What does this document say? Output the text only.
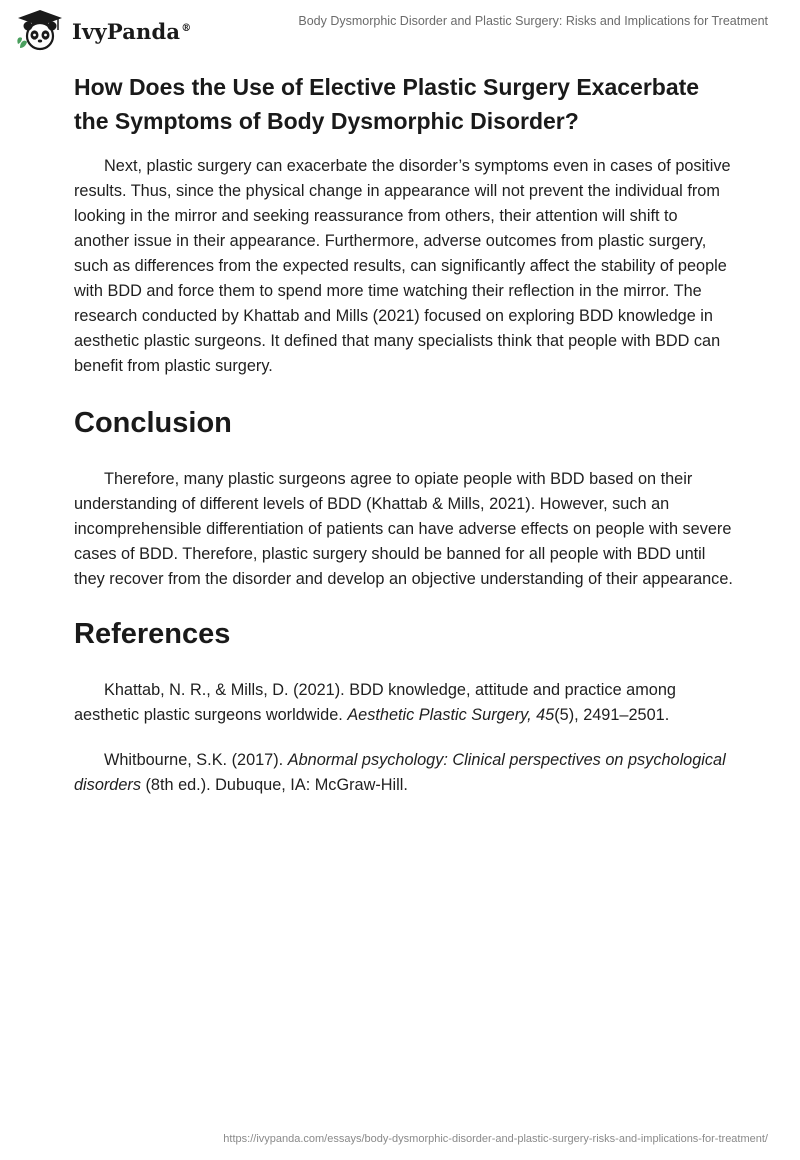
IvyPanda®	Body Dysmorphic Disorder and Plastic Surgery: Risks and Implications for Treatment
How Does the Use of Elective Plastic Surgery Exacerbate the Symptoms of Body Dysmorphic Disorder?

Next, plastic surgery can exacerbate the disorder’s symptoms even in cases of positive results. Thus, since the physical change in appearance will not prevent the individual from looking in the mirror and seeking reassurance from others, their attention will shift to another issue in their appearance. Furthermore, adverse outcomes from plastic surgery, such as differences from the expected results, can significantly affect the stability of people with BDD and force them to spend more time watching their reflection in the mirror. The research conducted by Khattab and Mills (2021) focused on exploring BDD knowledge in aesthetic plastic surgeons. It defined that many specialists think that people with BDD can benefit from plastic surgery.

Conclusion

Therefore, many plastic surgeons agree to opiate people with BDD based on their understanding of different levels of BDD (Khattab & Mills, 2021). However, such an incomprehensible differentiation of patients can have adverse effects on people with severe cases of BDD. Therefore, plastic surgery should be banned for all people with BDD until they recover from the disorder and develop an objective understanding of their appearance.

References

Khattab, N. R., & Mills, D. (2021). BDD knowledge, attitude and practice among aesthetic plastic surgeons worldwide. Aesthetic Plastic Surgery, 45(5), 2491–2501.

Whitbourne, S.K. (2017). Abnormal psychology: Clinical perspectives on psychological disorders (8th ed.). Dubuque, IA: McGraw-Hill.

https://ivypanda.com/essays/body-dysmorphic-disorder-and-plastic-surgery-risks-and-implications-for-treatment/
